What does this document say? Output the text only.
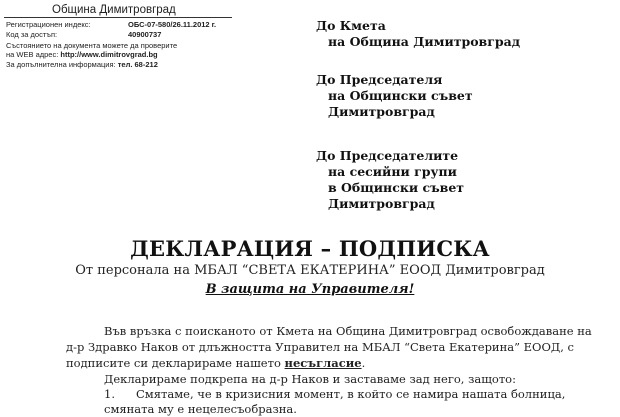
Община Димитровград
Регистрационен индекс:	ОБС-07-580/26.11.2012 г.
Код за достъп:	40900737
Състоянието на документа можете да проверите
на WEB адрес: http://www.dimitrovgrad.bg
За допълнителна информация: тел. 68-212
До Кмета
на Община Димитровград
До Председателя
на Общински съвет
Димитровград
До Председателите
на сесийни групи
в Общински съвет
Димитровград
ДЕКЛАРАЦИЯ – ПОДПИСКА
От персонала на МБАЛ “СВЕТА ЕКАТЕРИНА” ЕООД Димитровград
В защита на Управителя!
Във връзка с поисканото от Кмета на Община Димитровград освобождаване на
д-р Здравко Наков от длъжността Управител на МБАЛ “Света Екатерина” ЕООД, с
подписите си декларираме нашето несъгласие.
Декларираме подкрепа на д-р Наков и заставаме зад него, защото:
1. Смятаме, че в кризисния момент, в който се намира нашата болница,
смяната му е нецелесъобразна.
